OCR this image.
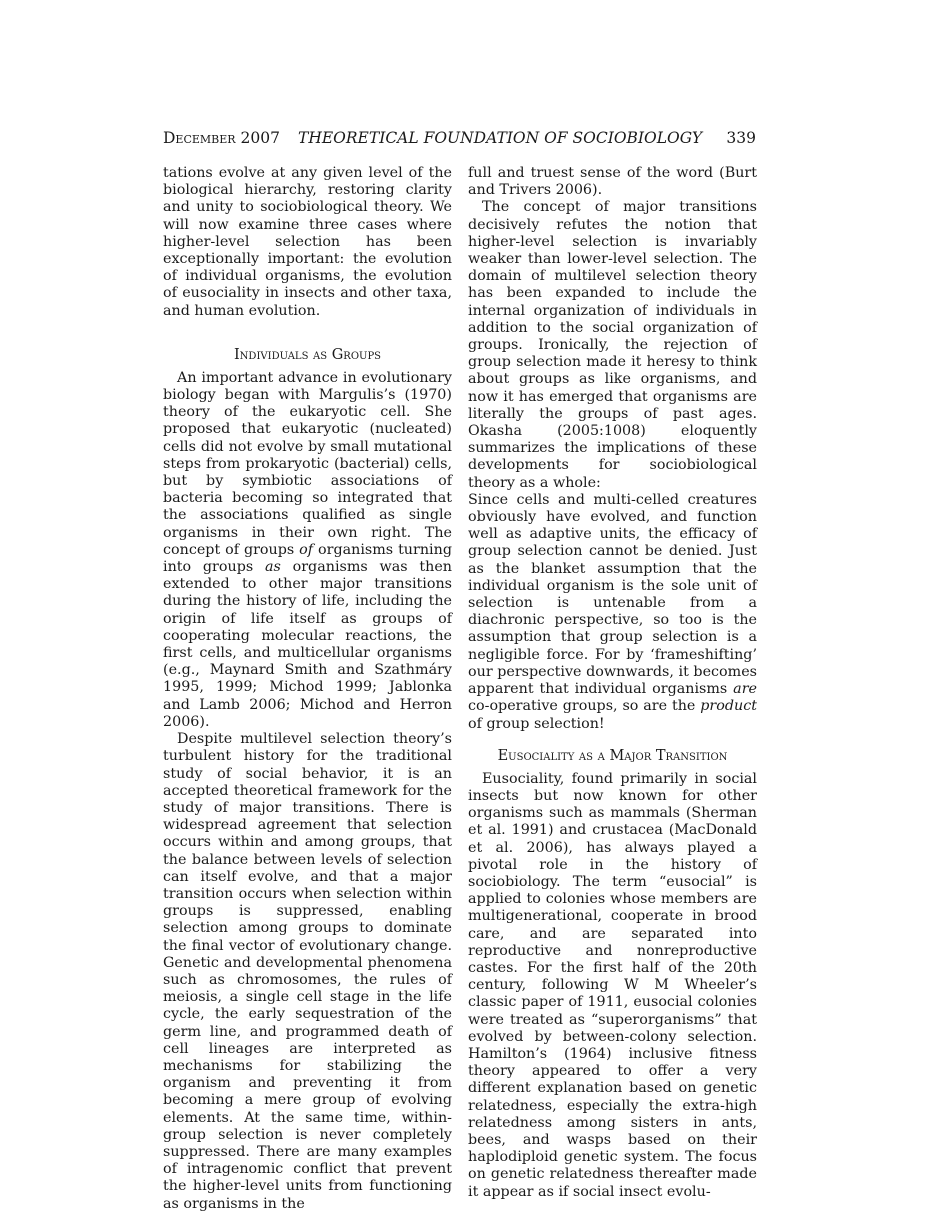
December 2007 THEORETICAL FOUNDATION OF SOCIOBIOLOGY 339

tations evolve at any given level of the biological hierarchy, restoring clarity and unity to sociobiological theory. We will now examine three cases where higher-level selection has been exceptionally important: the evolution of individual organisms, the evolution of eusociality in insects and other taxa, and human evolution.

Individuals as Groups

An important advance in evolutionary biology began with Margulis’s (1970) theory of the eukaryotic cell. She proposed that eukaryotic (nucleated) cells did not evolve by small mutational steps from prokaryotic (bacterial) cells, but by symbiotic associations of bacteria becoming so integrated that the associations qualified as single organisms in their own right. The concept of groups of organisms turning into groups as organisms was then extended to other major transitions during the history of life, including the origin of life itself as groups of cooperating molecular reactions, the first cells, and multicellular organisms (e.g., Maynard Smith and Szathmáry 1995, 1999; Michod 1999; Jablonka and Lamb 2006; Michod and Herron 2006).

Despite multilevel selection theory’s turbulent history for the traditional study of social behavior, it is an accepted theoretical framework for the study of major transitions. There is widespread agreement that selection occurs within and among groups, that the balance between levels of selection can itself evolve, and that a major transition occurs when selection within groups is suppressed, enabling selection among groups to dominate the final vector of evolutionary change. Genetic and developmental phenomena such as chromosomes, the rules of meiosis, a single cell stage in the life cycle, the early sequestration of the germ line, and programmed death of cell lineages are interpreted as mechanisms for stabilizing the organism and preventing it from becoming a mere group of evolving elements. At the same time, within-group selection is never completely suppressed. There are many examples of intragenomic conflict that prevent the higher-level units from functioning as organisms in the

full and truest sense of the word (Burt and Trivers 2006).

The concept of major transitions decisively refutes the notion that higher-level selection is invariably weaker than lower-level selection. The domain of multilevel selection theory has been expanded to include the internal organization of individuals in addition to the social organization of groups. Ironically, the rejection of group selection made it heresy to think about groups as like organisms, and now it has emerged that organisms are literally the groups of past ages. Okasha (2005:1008) eloquently summarizes the implications of these developments for sociobiological theory as a whole:

Since cells and multi-celled creatures obviously have evolved, and function well as adaptive units, the efficacy of group selection cannot be denied. Just as the blanket assumption that the individual organism is the sole unit of selection is untenable from a diachronic perspective, so too is the assumption that group selection is a negligible force. For by ‘frameshifting’ our perspective downwards, it becomes apparent that individual organisms are co-operative groups, so are the product of group selection!

Eusociality as a Major Transition

Eusociality, found primarily in social insects but now known for other organisms such as mammals (Sherman et al. 1991) and crustacea (MacDonald et al. 2006), has always played a pivotal role in the history of sociobiology. The term “eusocial” is applied to colonies whose members are multigenerational, cooperate in brood care, and are separated into reproductive and nonreproductive castes. For the first half of the 20th century, following W M Wheeler’s classic paper of 1911, eusocial colonies were treated as “superorganisms” that evolved by between-colony selection. Hamilton’s (1964) inclusive fitness theory appeared to offer a very different explanation based on genetic relatedness, especially the extra-high relatedness among sisters in ants, bees, and wasps based on their haplodiploid genetic system. The focus on genetic relatedness thereafter made it appear as if social insect evolu-
